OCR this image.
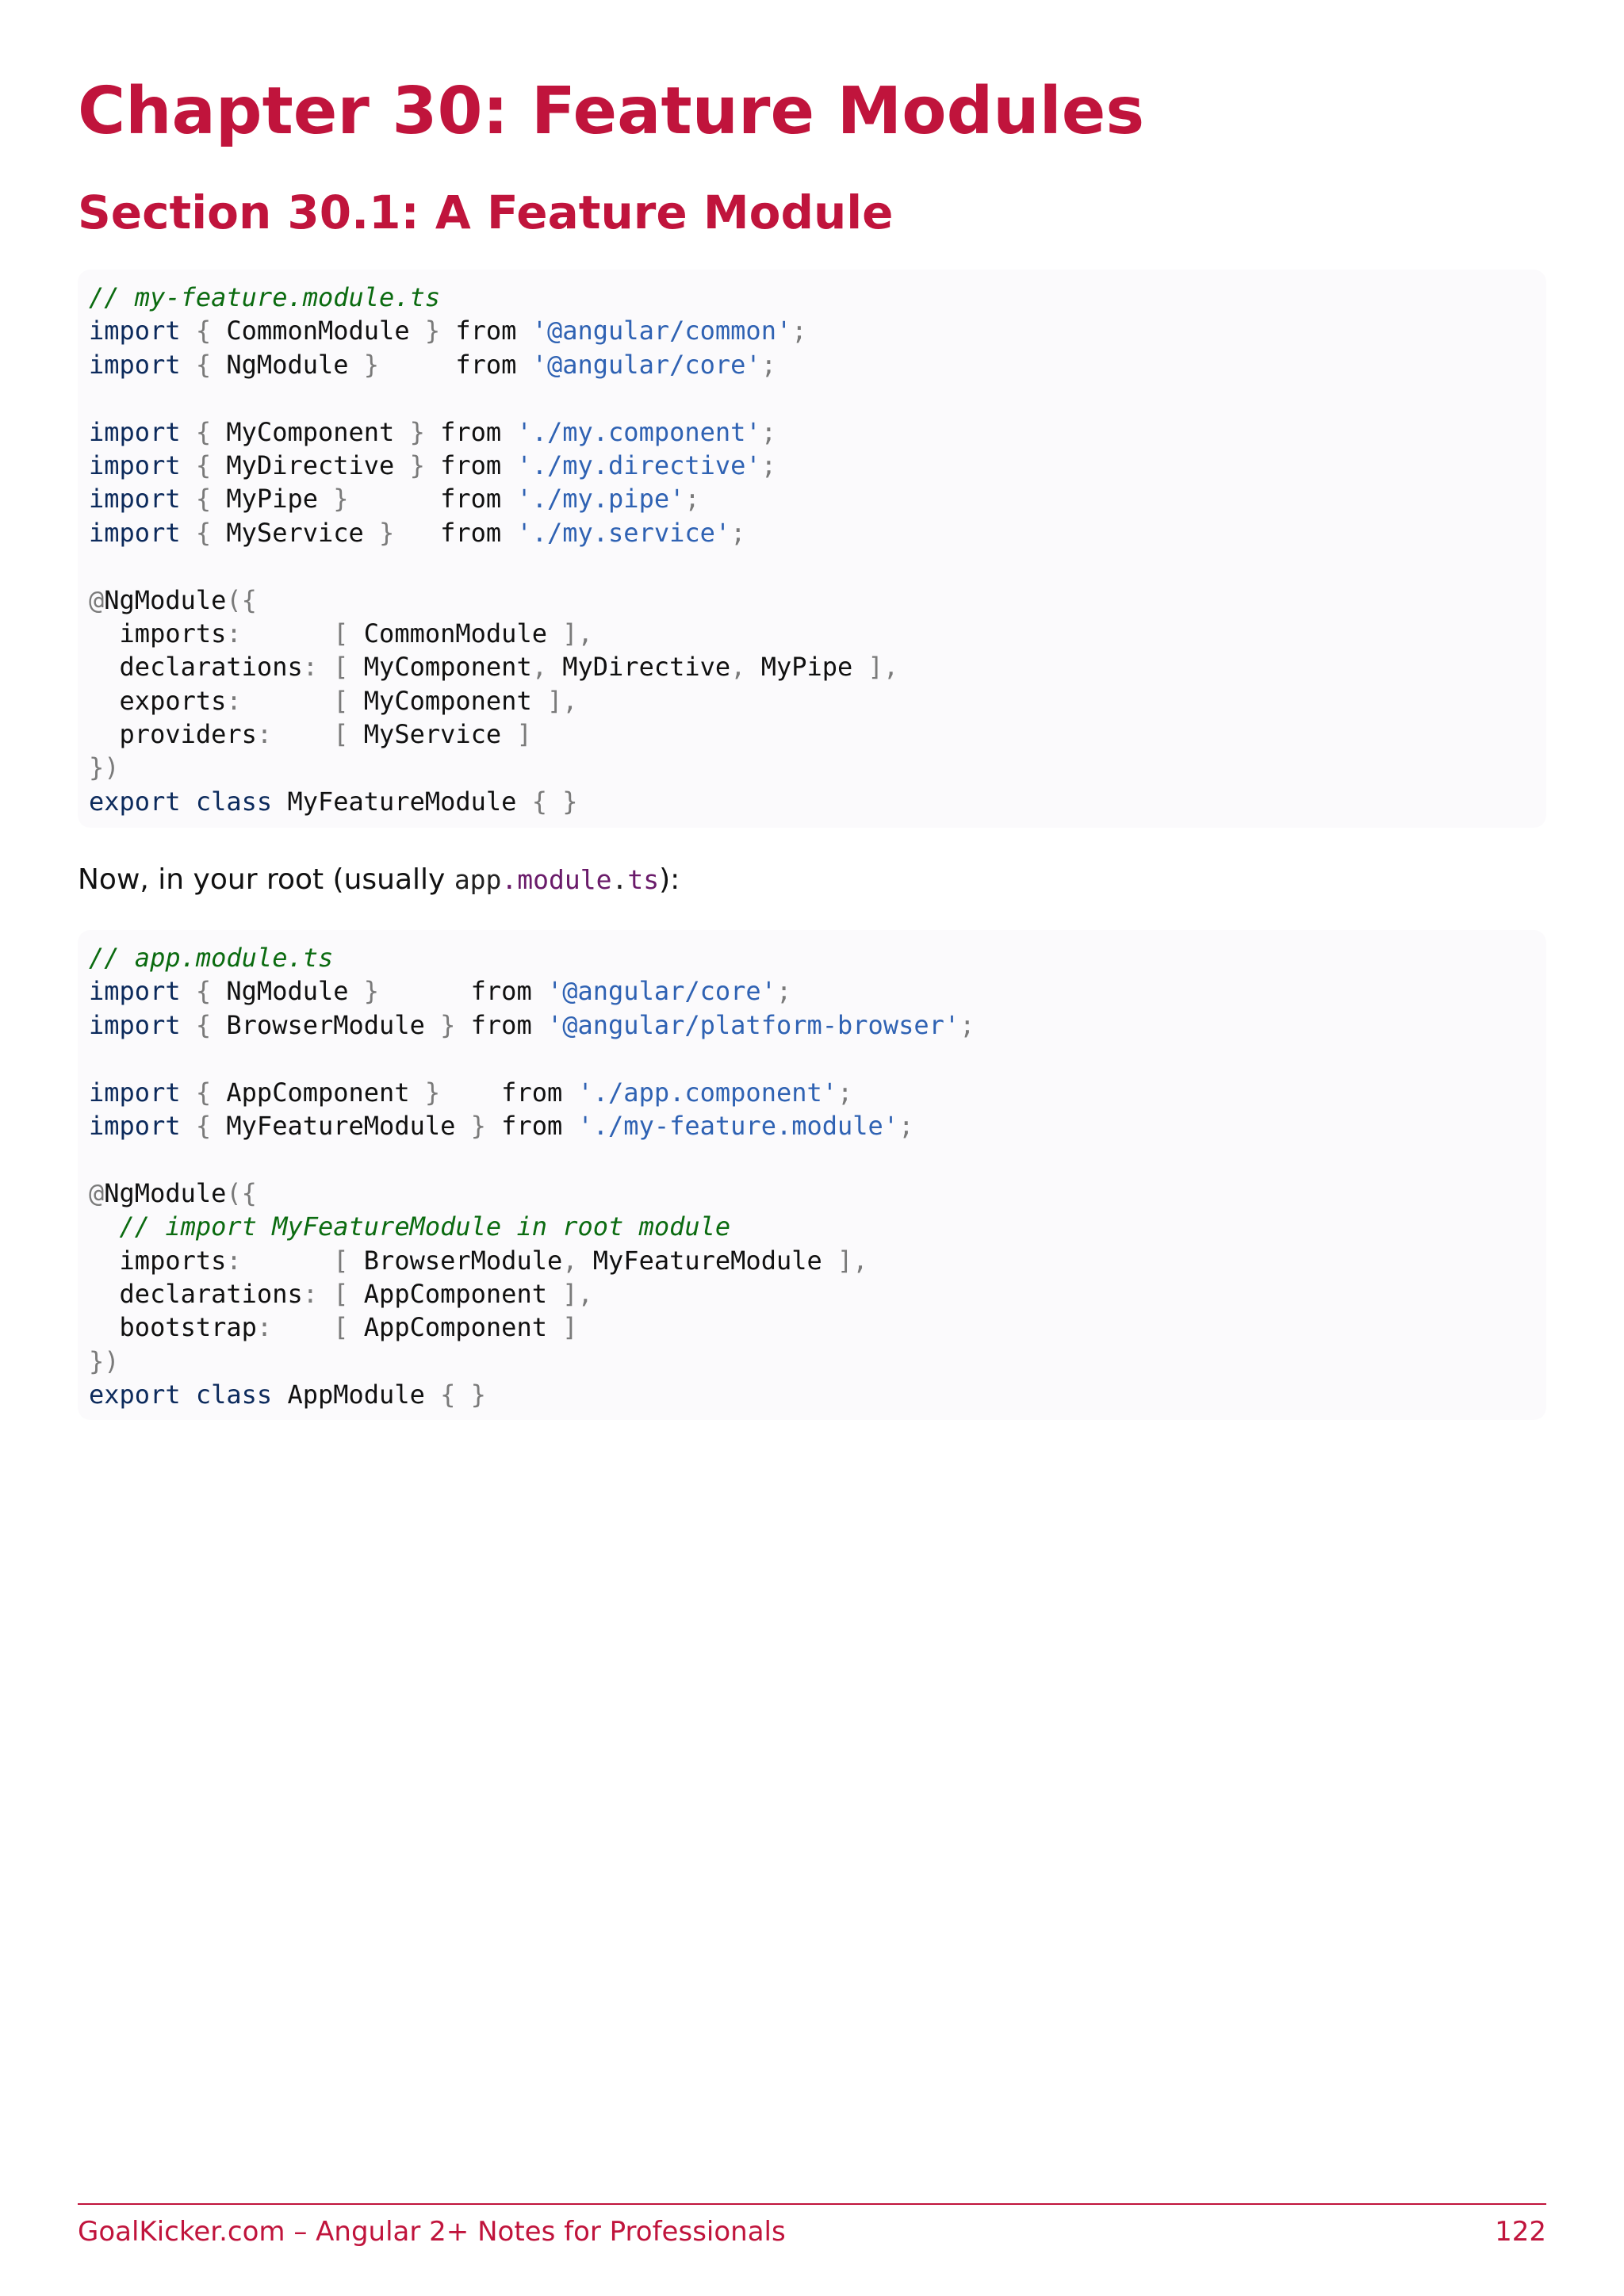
Chapter 30: Feature Modules
Section 30.1: A Feature Module
// my-feature.module.ts
import { CommonModule } from '@angular/common';
import { NgModule }     from '@angular/core';

import { MyComponent } from './my.component';
import { MyDirective } from './my.directive';
import { MyPipe }      from './my.pipe';
import { MyService }   from './my.service';

@NgModule({
imports:	[ CommonModule ],
declarations: [ MyComponent, MyDirective, MyPipe ],
exports:	[ MyComponent ],
providers: [ MyService ]
})
export class MyFeatureModule { }

Now, in your root (usually app.module.ts):

// app.module.ts
import { NgModule }      from '@angular/core';
import { BrowserModule } from '@angular/platform-browser';

import { AppComponent }    from './app.component';
import { MyFeatureModule } from './my-feature.module';

@NgModule({
// import MyFeatureModule in root module
imports:	[ BrowserModule, MyFeatureModule ],
declarations: [ AppComponent ],
bootstrap: [ AppComponent ]
})
export class AppModule { }
GoalKicker.com – Angular 2+ Notes for Professionals	122
